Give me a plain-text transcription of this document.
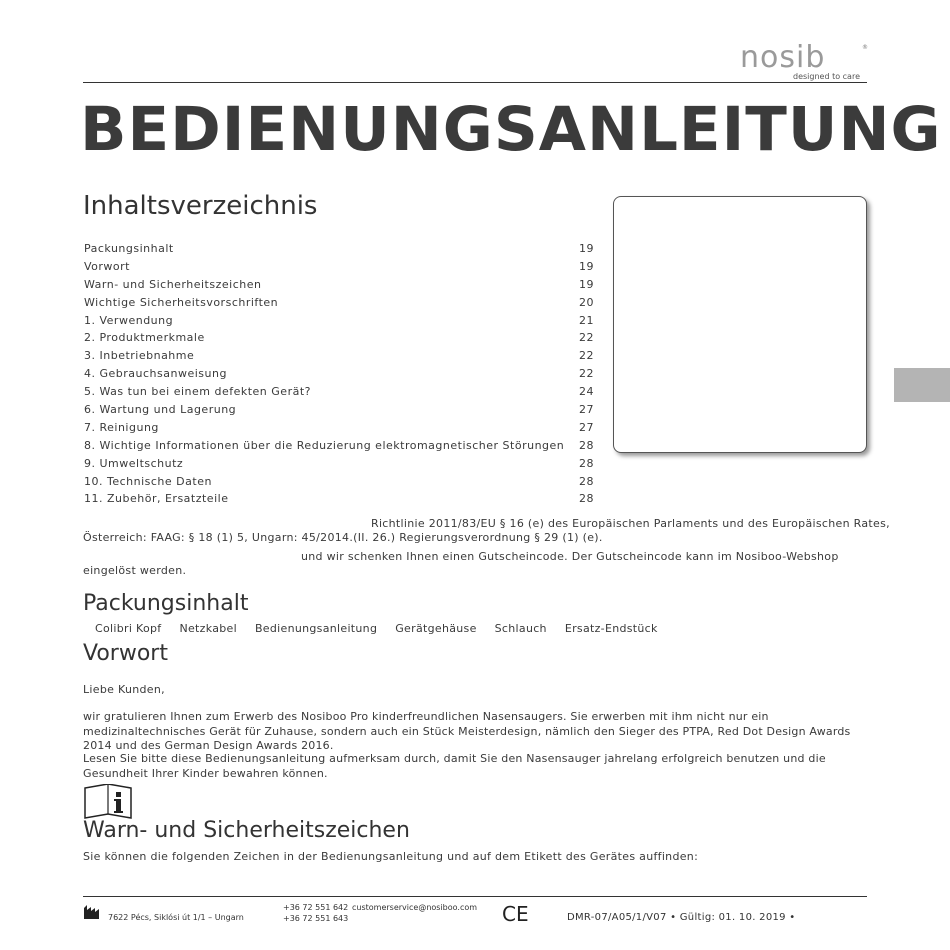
nosib	®
designed to care
BEDIENUNGSANLEITUNG
Inhaltsverzeichnis
Packungsinhalt	19
Vorwort	19
Warn- und Sicherheitszeichen	19
Wichtige Sicherheitsvorschriften	20
1. Verwendung	21
2. Produktmerkmale	22
3. Inbetriebnahme	22
4. Gebrauchsanweisung	22
5. Was tun bei einem defekten Gerät?	24
6. Wartung und Lagerung	27
7. Reinigung	27
8. Wichtige Informationen über die Reduzierung elektromagnetischer Störungen 28
9. Umweltschutz	28
10. Technische Daten	28
11. Zubehör, Ersatzteile	28
Richtlinie 2011/83/EU § 16 (e) des Europäischen Parlaments und des Europäischen Rates,
Österreich: FAAG: § 18 (1) 5, Ungarn: 45/2014.(II. 26.) Regierungsverordnung § 29 (1) (e).
und wir schenken Ihnen einen Gutscheincode. Der Gutscheincode kann im Nosiboo-Webshop
eingelöst werden.
Packungsinhalt
Colibri Kopf Netzkabel Bedienungsanleitung Gerätgehäuse Schlauch Ersatz-Endstück
Vorwort
Liebe Kunden,
wir gratulieren Ihnen zum Erwerb des Nosiboo Pro kinderfreundlichen Nasensaugers. Sie erwerben mit ihm nicht nur ein medizinaltechnisches Gerät für Zuhause, sondern auch ein Stück Meisterdesign, nämlich den Sieger des PTPA, Red Dot Design Awards 2014 und des German Design Awards 2016.
Lesen Sie bitte diese Bedienungsanleitung aufmerksam durch, damit Sie den Nasensauger jahrelang erfolgreich benutzen und die Gesundheit Ihrer Kinder bewahren können.
Warn- und Sicherheitszeichen
Sie können die folgenden Zeichen in der Bedienungsanleitung und auf dem Etikett des Gerätes auffinden:
7622 Pécs, Siklósi út 1/1 – Ungarn
+36 72 551 642
+36 72 551 643
customerservice@nosiboo.com CE	DMR-07/A05/1/V07 • Gültig: 01. 10. 2019 •
